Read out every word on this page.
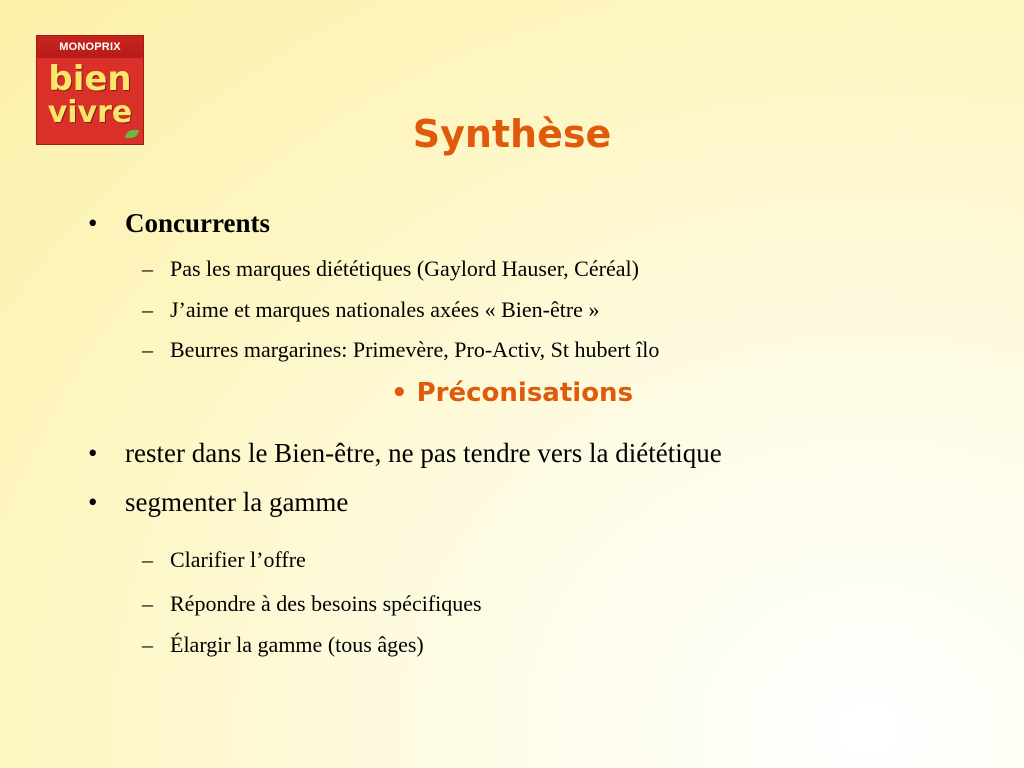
MONOPRIX
bien
vivre	Synthèse
• Concurrents
– Pas les marques diététiques (Gaylord Hauser, Céréal)
– J’aime et marques nationales axées « Bien-être »
– Beurres margarines: Primevère, Pro-Activ, St hubert îlo
• Préconisations
• rester dans le Bien-être, ne pas tendre vers la diététique
• segmenter la gamme
– Clarifier l’offre
– Répondre à des besoins spécifiques
– Élargir la gamme (tous âges)
